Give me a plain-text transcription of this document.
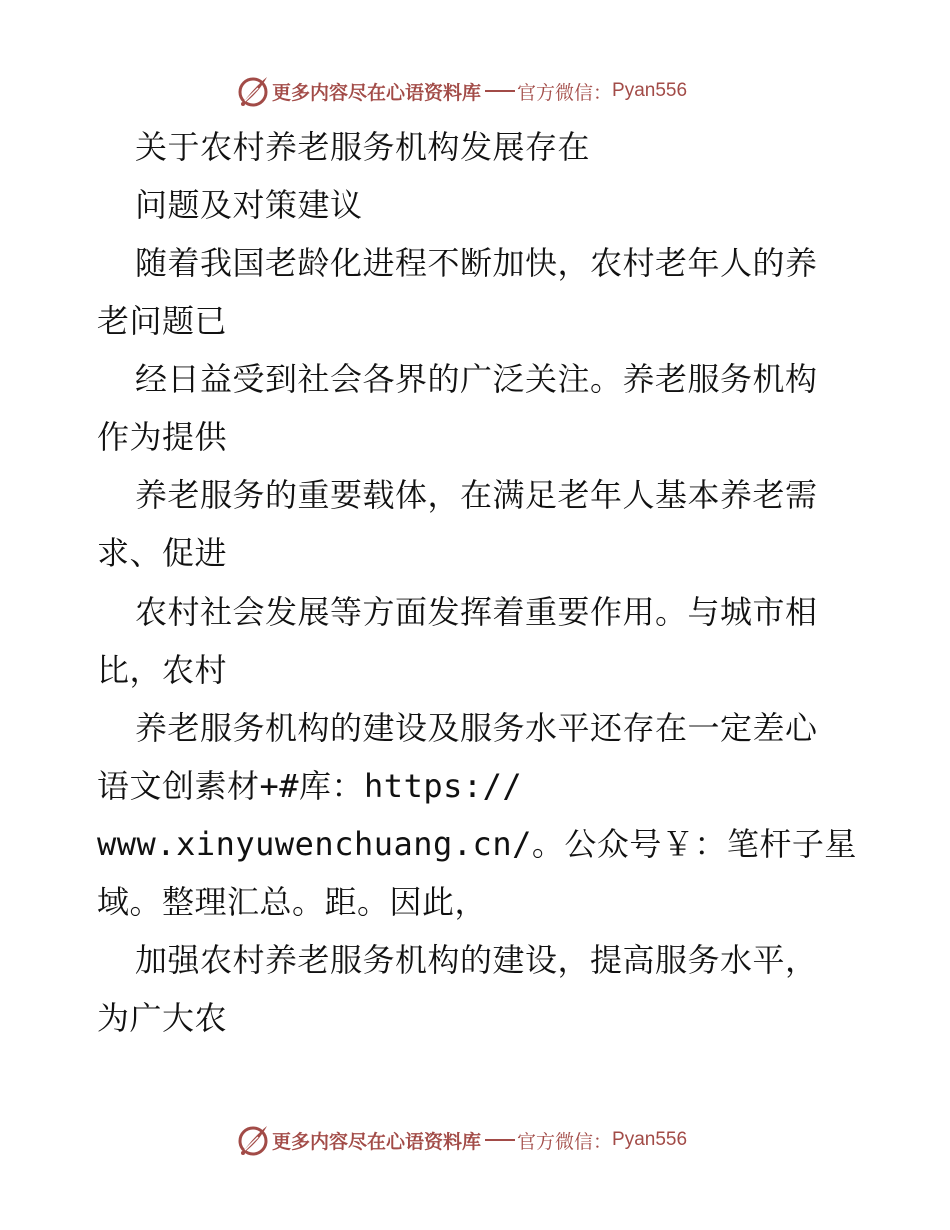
更多内容尽在心语资料库 官方微信： Pyan556
关于农村养老服务机构发展存在
问题及对策建议
随着我国老龄化进程不断加快，农村老年人的养
老问题已
经日益受到社会各界的广泛关注。养老服务机构
作为提供
养老服务的重要载体，在满足老年人基本养老需
求、促进
农村社会发展等方面发挥着重要作用。与城市相
比，农村
养老服务机构的建设及服务水平还存在一定差心
语文创素材+#库：https://
www.xinyuwenchuang.cn/。公众号￥：笔杆子星
域。整理汇总。距。因此，
加强农村养老服务机构的建设，提高服务水平，
为广大农
更多内容尽在心语资料库 官方微信： Pyan556
